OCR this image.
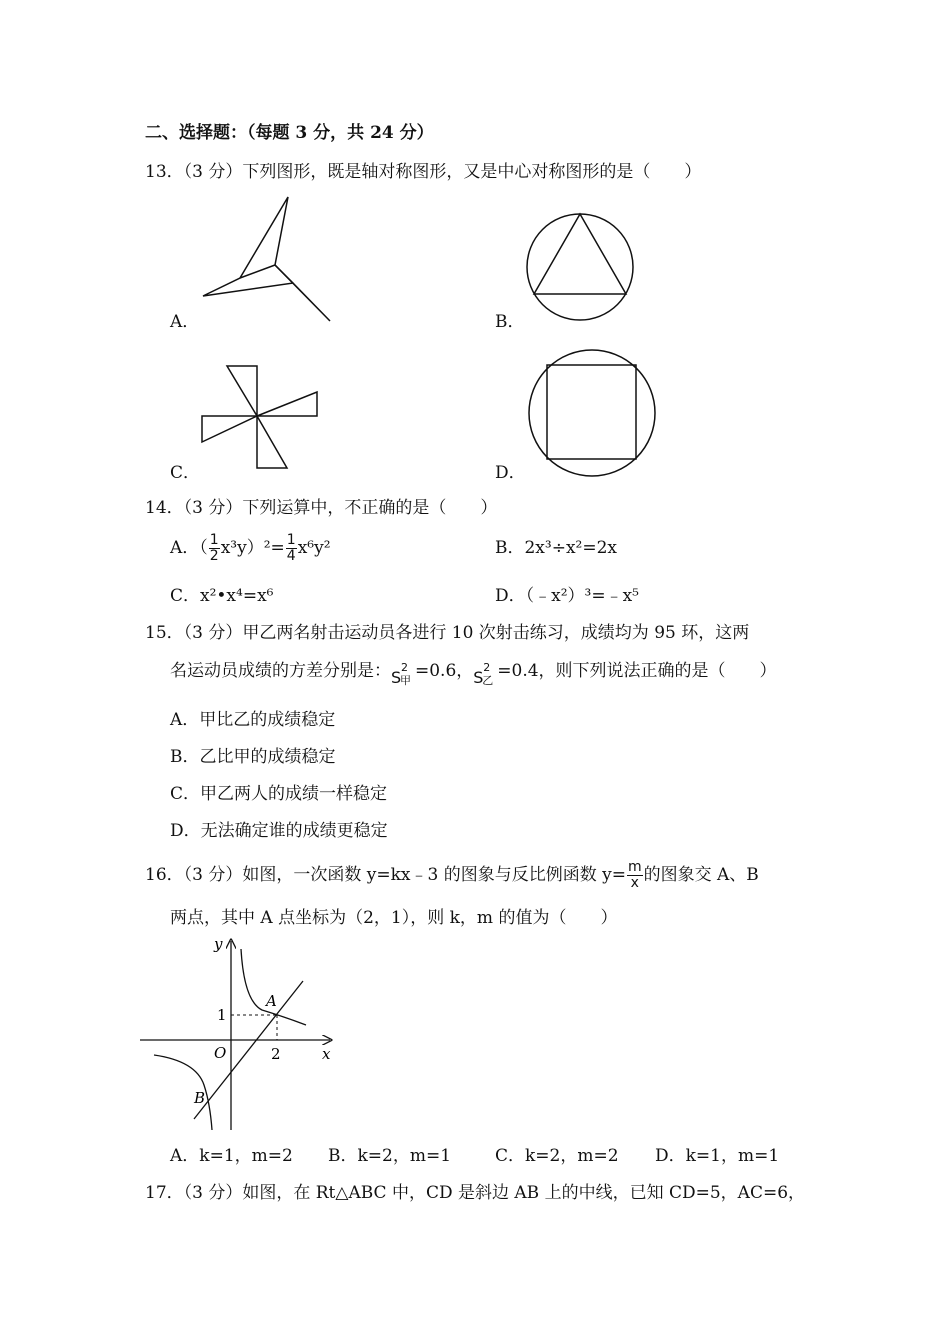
二、选择题：（每题 3 分，共 24 分）
13．（3 分）下列图形，既是轴对称图形，又是中心对称图形的是（　　）
A．	B．
C．	D．
14．（3 分）下列运算中，不正确的是（　　）
A．（ $\frac{1}{2} x^3y)^2= \frac{1}{4} x^6y^2$	B．2x³÷x²=2x
C．x²•x⁴=x⁶	D．（﹣x²）³=﹣x⁵
15．（3 分）甲乙两名射击运动员各进行 10 次射击练习，成绩均为 95 环，这两
名运动员成绩的方差分别是： S
2
甲 =0.6， S
2
乙 =0.4，则下列说法正确的是（　　）
A．甲比乙的成绩稳定
B．乙比甲的成绩稳定
C．甲乙两人的成绩一样稳定
D．无法确定谁的成绩更稳定
16．（3 分）如图，一次函数 y=kx﹣3 的图象与反比例函数 $y= \frac{m}{x}$ 的图象交 A、B
两点，其中 A 点坐标为（2，1），则 k，m 的值为（　　）
y
x
O	2
1
A
B
A．k=1，m=2 B．k=2，m=1	C．k=2，m=2 D．k=1，m=1
17．（3 分）如图，在 Rt△ABC 中，CD 是斜边 AB 上的中线，已知 CD=5，AC=6，
